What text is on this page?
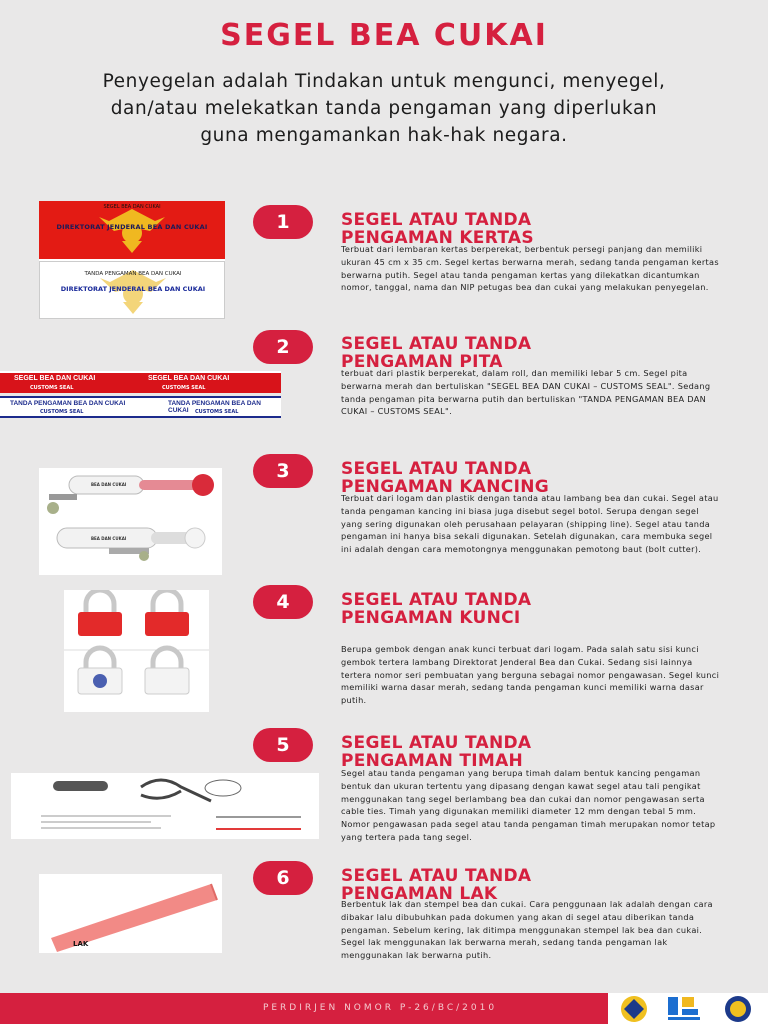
SEGEL BEA CUKAI
Penyegelan adalah Tindakan untuk mengunci, menyegel, dan/atau melekatkan tanda pengaman yang diperlukan guna mengamankan hak-hak negara.
SEGEL BEA DAN CUKAI
DIREKTORAT JENDERAL BEA DAN CUKAI
TANDA PENGAMAN BEA DAN CUKAI
DIREKTORAT JENDERAL BEA DAN CUKAI
1	SEGEL ATAU TANDA
PENGAMAN KERTAS
Terbuat dari lembaran kertas berperekat, berbentuk persegi panjang dan memiliki ukuran 45 cm x 35 cm. Segel kertas berwarna merah, sedang tanda pengaman kertas berwarna putih. Segel atau tanda pengaman kertas yang dilekatkan dicantumkan nomor, tanggal, nama dan NIP petugas bea dan cukai yang melakukan penyegelan.
SEGEL BEA DAN CUKAI
CUSTOMS SEAL
SEGEL BEA DAN CUKAI
CUSTOMS SEAL
TANDA PENGAMAN BEA DAN CUKAI
CUSTOMS SEAL
TANDA PENGAMAN BEA DAN CUKAI	CUSTOMS SEAL
2	SEGEL ATAU TANDA
PENGAMAN PITA
terbuat dari plastik berperekat, dalam roll, dan memiliki lebar 5 cm. Segel pita berwarna merah dan bertuliskan "SEGEL BEA DAN CUKAI – CUSTOMS SEAL". Sedang tanda pengaman pita berwarna putih dan bertuliskan "TANDA PENGAMAN BEA DAN CUKAI – CUSTOMS SEAL".
BEA DAN CUKAI
BEA DAN CUKAI
3	SEGEL ATAU TANDA
PENGAMAN KANCING
Terbuat dari logam dan plastik dengan tanda atau lambang bea dan cukai. Segel atau tanda pengaman kancing ini biasa juga disebut segel botol. Serupa dengan segel yang sering digunakan oleh perusahaan pelayaran (shipping line). Segel atau tanda pengaman ini hanya bisa sekali digunakan. Setelah digunakan, cara membuka segel ini adalah dengan cara memotongnya menggunakan pemotong baut (bolt cutter).
4	SEGEL ATAU TANDA
PENGAMAN KUNCI
Berupa gembok dengan anak kunci terbuat dari logam. Pada salah satu sisi kunci gembok tertera lambang Direktorat Jenderal Bea dan Cukai. Sedang sisi lainnya tertera nomor seri pembuatan yang berguna sebagai nomor pengawasan. Segel kunci memiliki warna dasar merah, sedang tanda pengaman kunci memiliki warna dasar putih.
5	SEGEL ATAU TANDA
PENGAMAN TIMAH
Segel atau tanda pengaman yang berupa timah dalam bentuk kancing pengaman bentuk dan ukuran tertentu yang dipasang dengan kawat segel atau tali pengikat menggunakan tang segel berlambang bea dan cukai dan nomor pengawasan serta cable ties. Timah yang digunakan memiliki diameter 12 mm dengan tebal 5 mm. Nomor pengawasan pada segel atau tanda pengaman timah merupakan nomor tetap yang tertera pada tang segel.
LAK
6	SEGEL ATAU TANDA
PENGAMAN LAK
Berbentuk lak dan stempel bea dan cukai. Cara penggunaan lak adalah dengan cara dibakar lalu dibubuhkan pada dokumen yang akan di segel atau diberikan tanda pengaman. Sebelum kering, lak ditimpa menggunakan stempel lak bea dan cukai. Segel lak menggunakan lak berwarna merah, sedang tanda pengaman lak menggunakan lak berwarna putih.
PERDIRJEN NOMOR P-26/BC/2010
